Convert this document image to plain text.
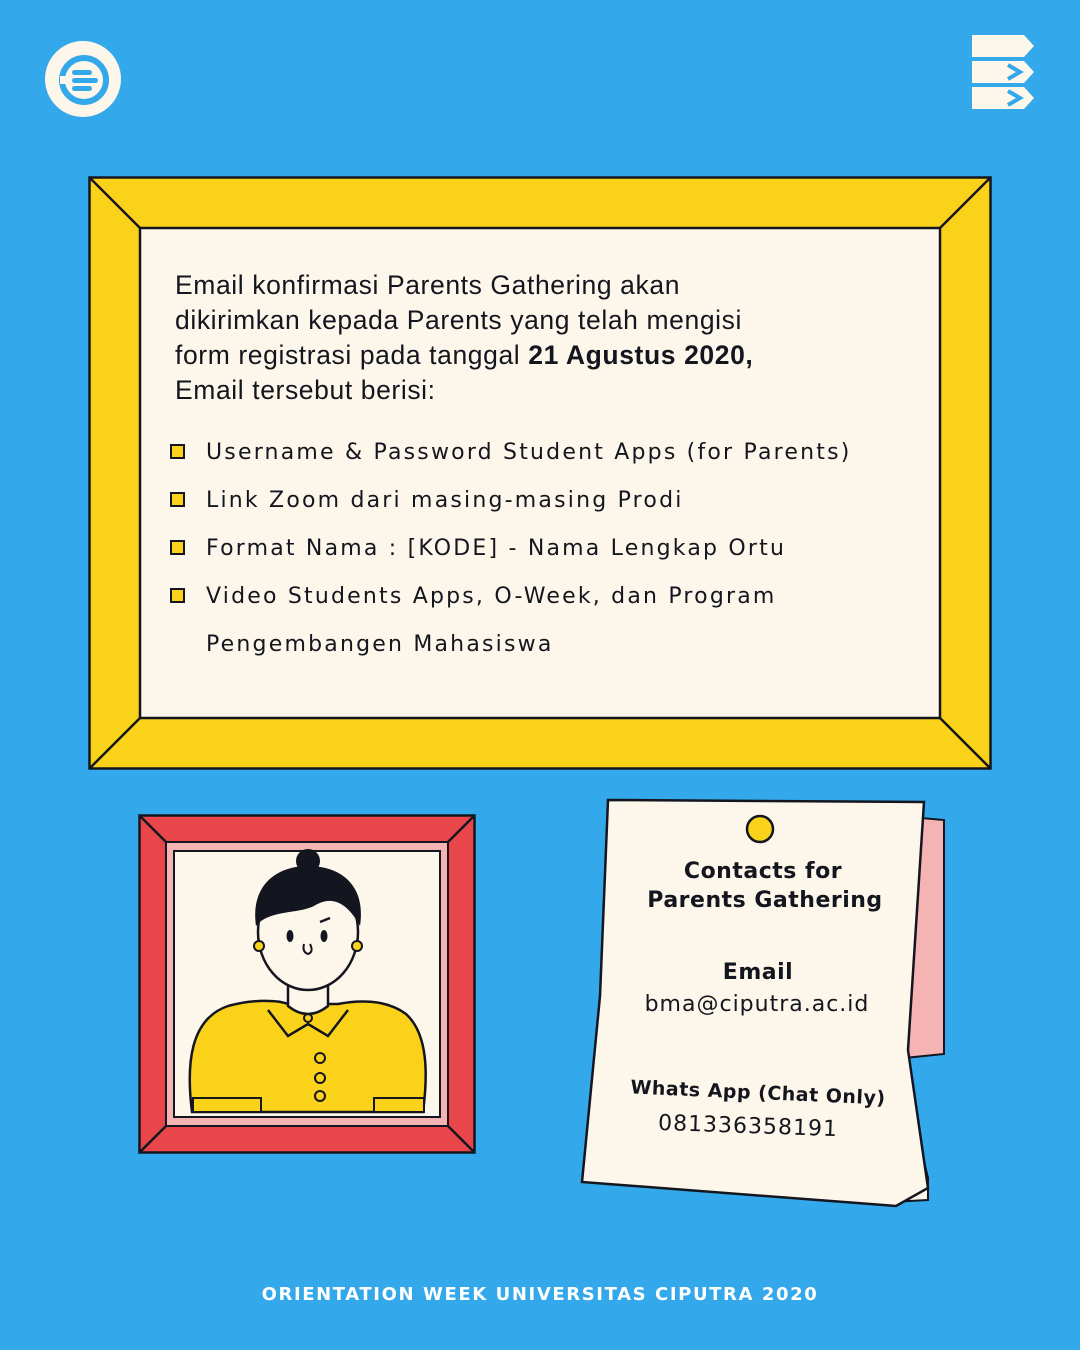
Email konfirmasi Parents Gathering akan
dikirimkan kepada Parents yang telah mengisi
form registrasi pada tanggal 21 Agustus 2020,
Email tersebut berisi:

Username & Password Student Apps (for Parents)
Link Zoom dari masing-masing Prodi
Format Nama : [KODE] - Nama Lengkap Ortu
Video Students Apps, O-Week, dan Program
Pengembangen Mahasiswa
Contacts for
Parents Gathering
Email
bma@ciputra.ac.id
Whats App (Chat Only)
081336358191
ORIENTATION WEEK UNIVERSITAS CIPUTRA 2020
